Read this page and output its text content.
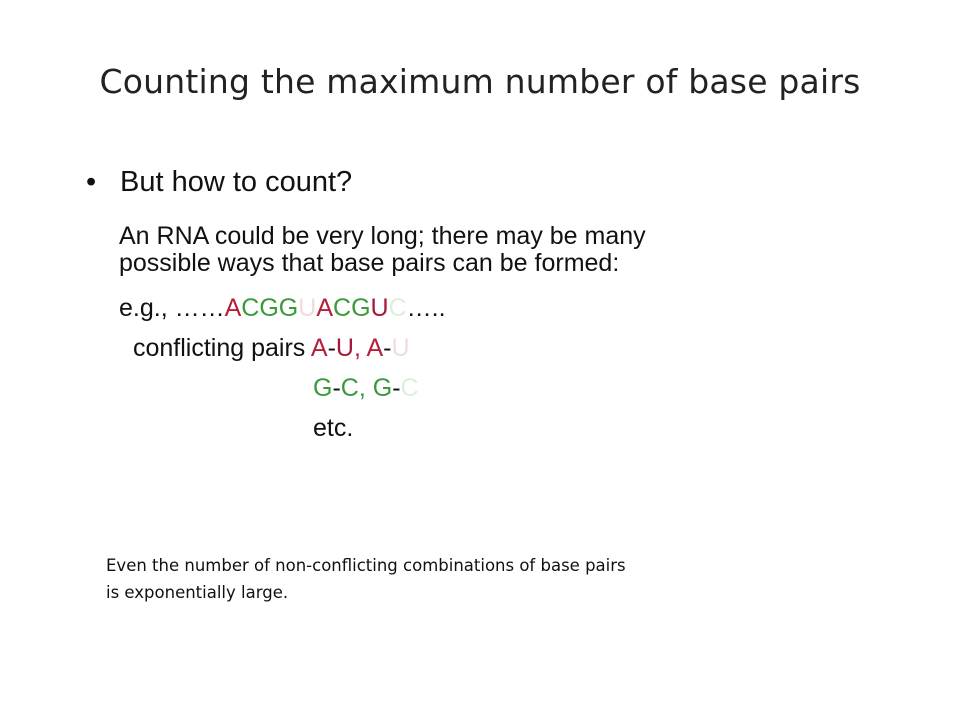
Counting the maximum number of base pairs
• But how to count?
An RNA could be very long; there may be many
possible ways that base pairs can be formed:
e.g., ……ACGGUACGUC…..
conflicting pairs A-U, A-U
G-C, G-C
etc.
Even the number of non-conflicting combinations of base pairs
is exponentially large.
